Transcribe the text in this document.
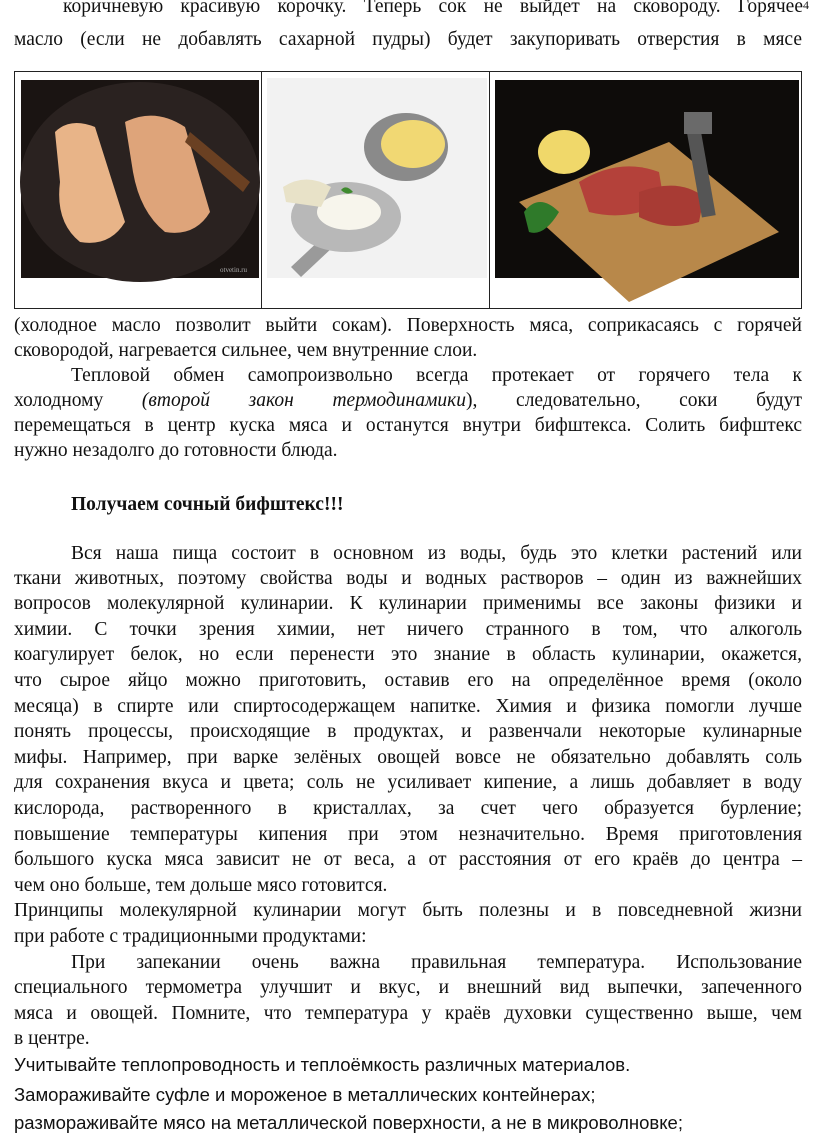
4
коричневую красивую корочку. Теперь сок не выйдет на сковороду. Горячее
масло (если не добавлять сахарной пудры) будет закупоривать отверстия в мясе
otvetin.ru
(холодное масло позволит выйти сокам). Поверхность мяса, соприкасаясь с горячей
сковородой, нагревается сильнее, чем внутренние слои.
Тепловой обмен самопроизвольно всегда протекает от горячего тела к
холодному (второй закон термодинамики), следовательно, соки будут
перемещаться в центр куска мяса и останутся внутри бифштекса. Солить бифштекс
нужно незадолго до готовности блюда.
Получаем сочный бифштекс!!!
Вся наша пища состоит в основном из воды, будь это клетки растений или
ткани животных, поэтому свойства воды и водных растворов – один из важнейших
вопросов молекулярной кулинарии. К кулинарии применимы все законы физики и
химии. С точки зрения химии, нет ничего странного в том, что алкоголь
коагулирует белок, но если перенести это знание в область кулинарии, окажется,
что сырое яйцо можно приготовить, оставив его на определённое время (около
месяца) в спирте или спиртосодержащем напитке. Химия и физика помогли лучше
понять процессы, происходящие в продуктах, и развенчали некоторые кулинарные
мифы. Например, при варке зелёных овощей вовсе не обязательно добавлять соль
для сохранения вкуса и цвета; соль не усиливает кипение, а лишь добавляет в воду
кислорода, растворенного в кристаллах, за счет чего образуется бурление;
повышение температуры кипения при этом незначительно. Время приготовления
большого куска мяса зависит не от веса, а от расстояния от его краёв до центра –
чем оно больше, тем дольше мясо готовится.
Принципы молекулярной кулинарии могут быть полезны и в повседневной жизни
при работе с традиционными продуктами:
При запекании очень важна правильная температура. Использование
специального термометра улучшит и вкус, и внешний вид выпечки, запеченного
мяса и овощей. Помните, что температура у краёв духовки существенно выше, чем
в центре.
Учитывайте теплопроводность и теплоёмкость различных материалов.
Замораживайте суфле и мороженое в металлических контейнерах;
размораживайте мясо на металлической поверхности, а не в микроволновке;
